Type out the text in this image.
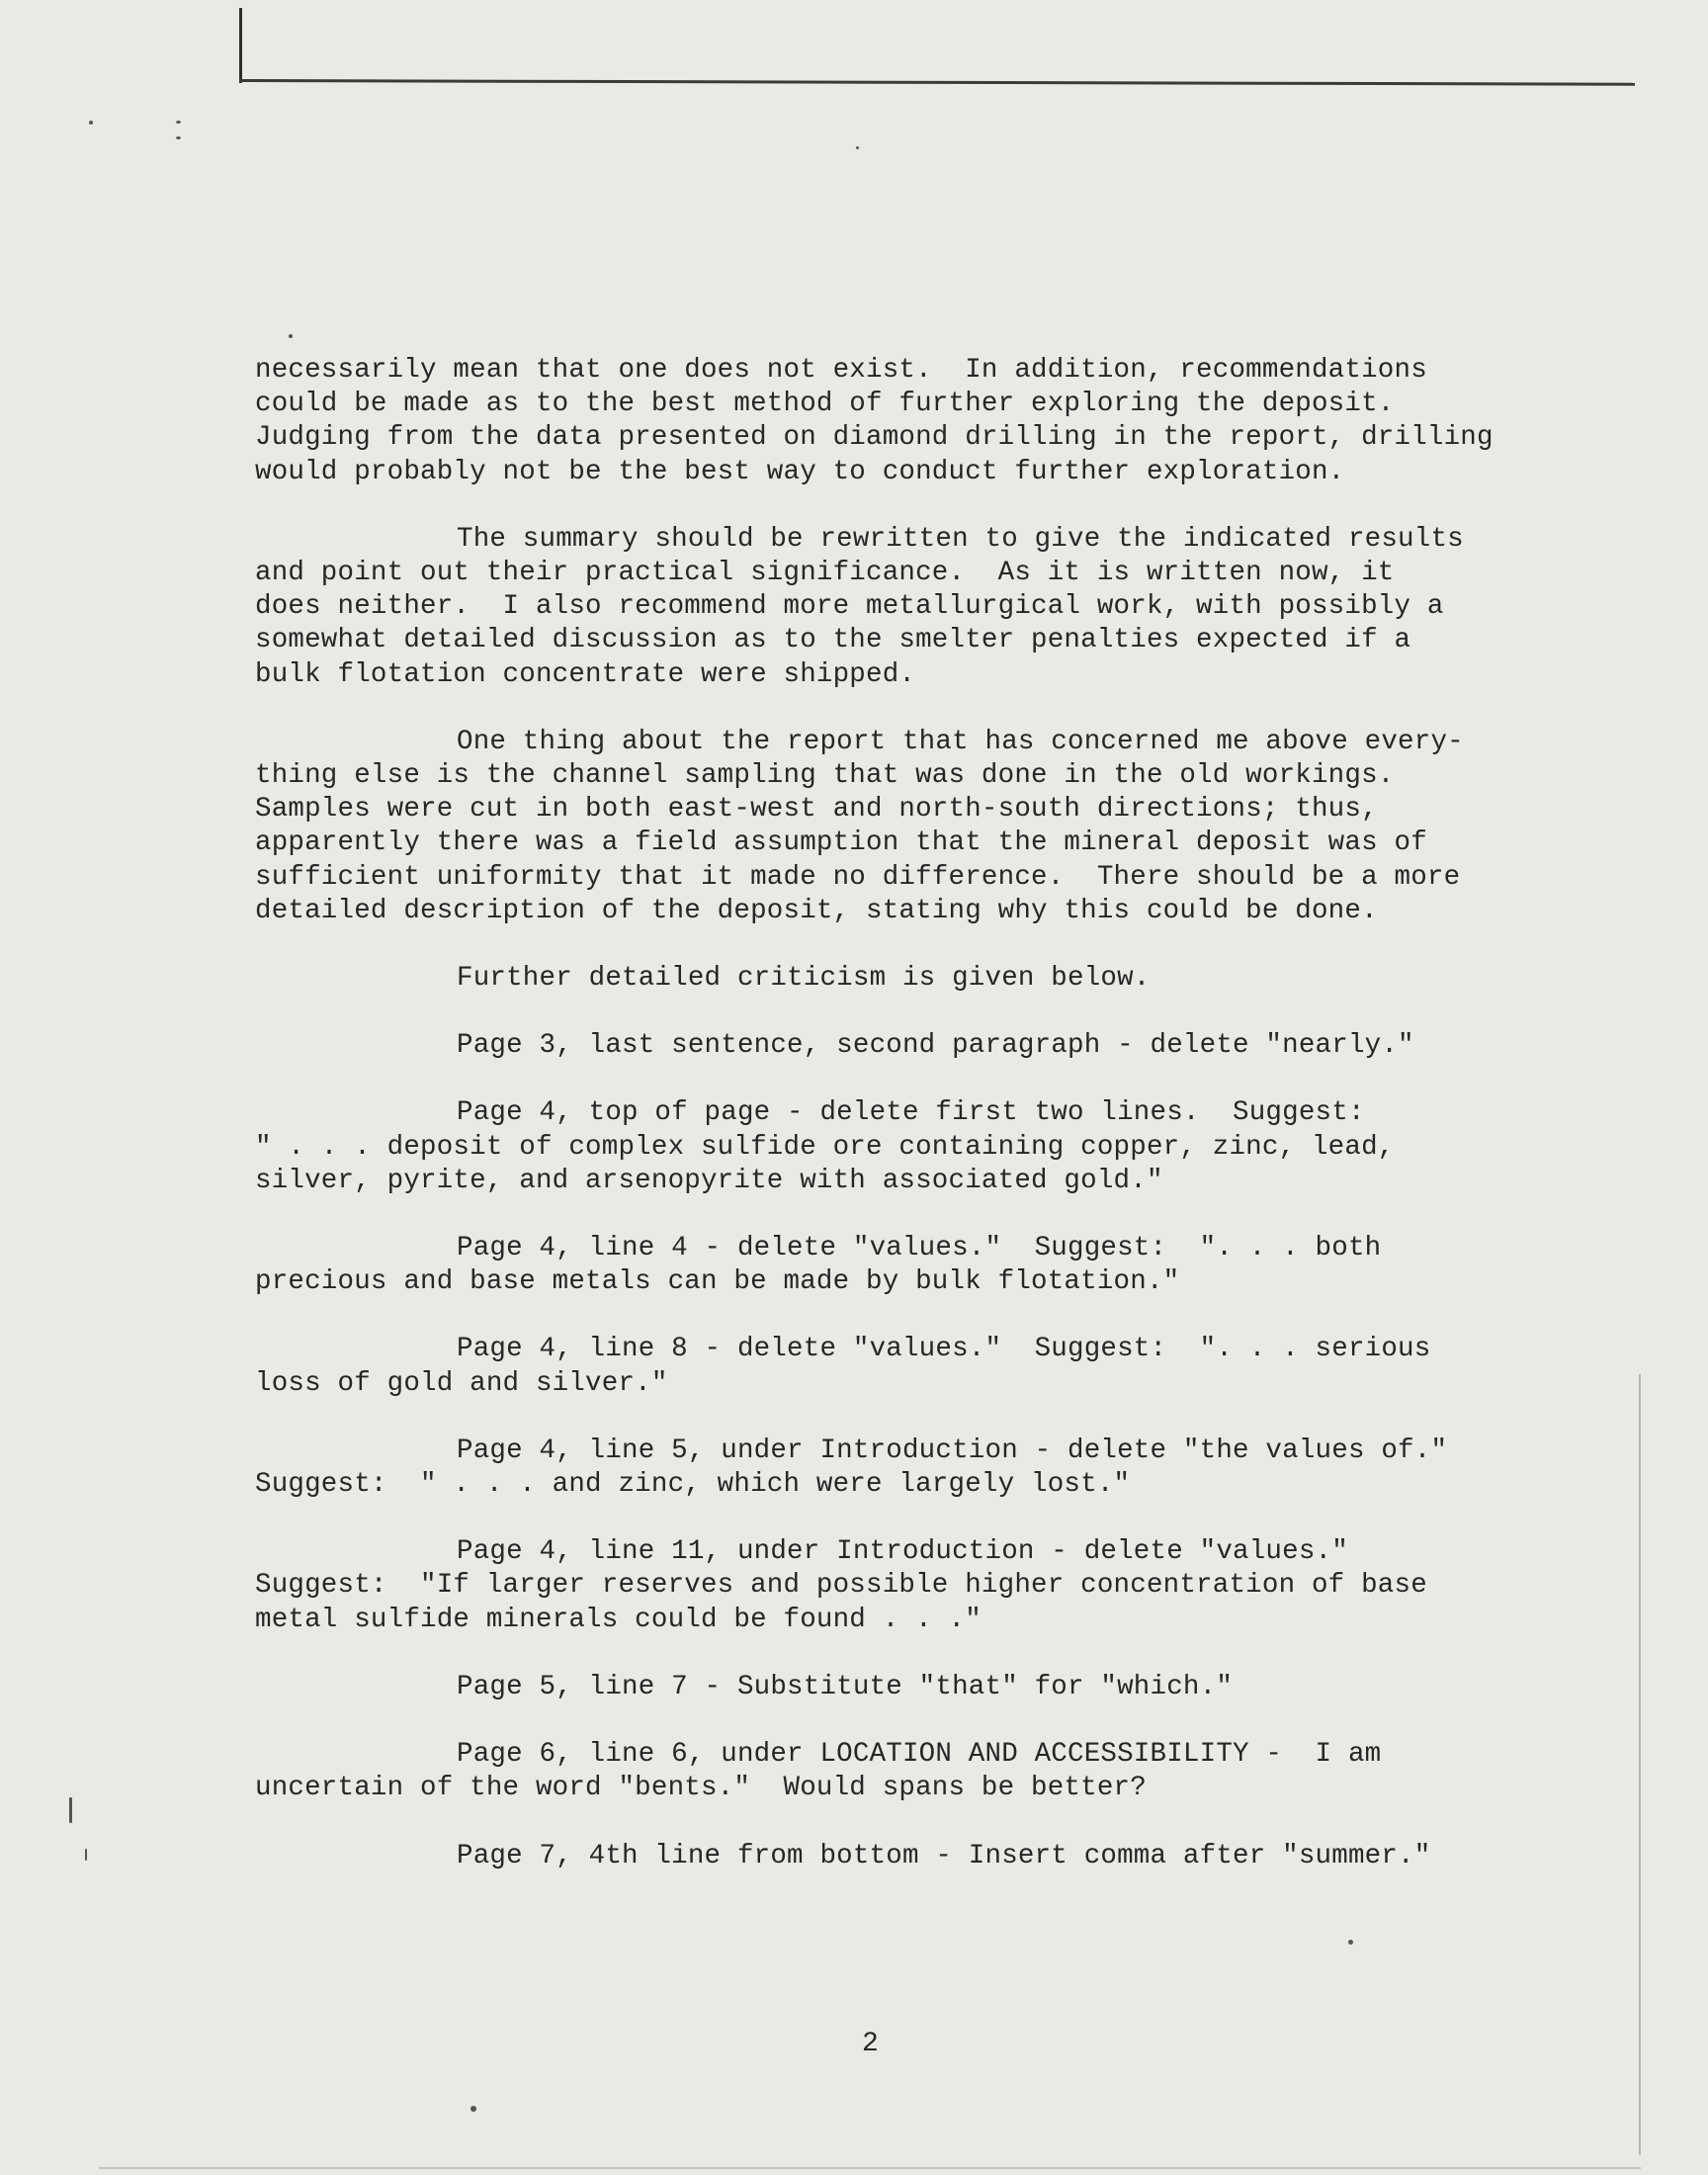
necessarily mean that one does not exist.  In addition, recommendations
could be made as to the best method of further exploring the deposit.
Judging from the data presented on diamond drilling in the report, drilling
would probably not be the best way to conduct further exploration.
The summary should be rewritten to give the indicated results
and point out their practical significance.  As it is written now, it
does neither.  I also recommend more metallurgical work, with possibly a
somewhat detailed discussion as to the smelter penalties expected if a
bulk flotation concentrate were shipped.
One thing about the report that has concerned me above every-
thing else is the channel sampling that was done in the old workings.
Samples were cut in both east-west and north-south directions; thus,
apparently there was a field assumption that the mineral deposit was of
sufficient uniformity that it made no difference.  There should be a more
detailed description of the deposit, stating why this could be done.
Further detailed criticism is given below.
Page 3, last sentence, second paragraph - delete "nearly."
Page 4, top of page - delete first two lines.  Suggest:
" . . . deposit of complex sulfide ore containing copper, zinc, lead,
silver, pyrite, and arsenopyrite with associated gold."
Page 4, line 4 - delete "values."  Suggest:  ". . . both
precious and base metals can be made by bulk flotation."
Page 4, line 8 - delete "values."  Suggest:  ". . . serious
loss of gold and silver."
Page 4, line 5, under Introduction - delete "the values of."
Suggest:  " . . . and zinc, which were largely lost."
Page 4, line 11, under Introduction - delete "values."
Suggest:  "If larger reserves and possible higher concentration of base
metal sulfide minerals could be found . . ."
Page 5, line 7 - Substitute "that" for "which."
Page 6, line 6, under LOCATION AND ACCESSIBILITY -  I am
uncertain of the word "bents."  Would spans be better?
Page 7, 4th line from bottom - Insert comma after "summer."
2
